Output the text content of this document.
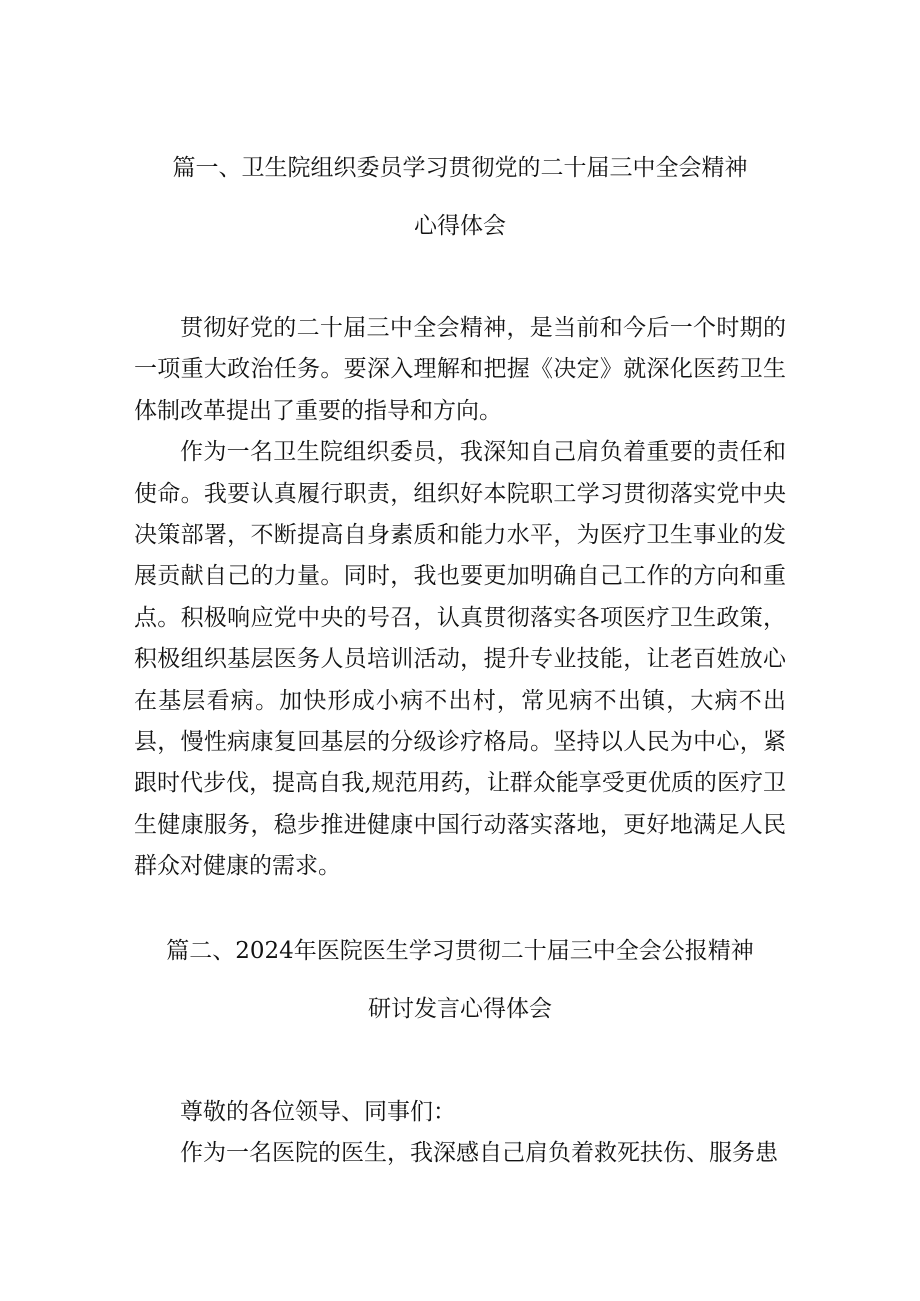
篇一、卫生院组织委员学习贯彻党的二十届三中全会精神
心得体会

贯彻好党的二十届三中全会精神，是当前和今后一个时期的一项重大政治任务。要深入理解和把握《决定》就深化医药卫生体制改革提出了重要的指导和方向。

作为一名卫生院组织委员，我深知自己肩负着重要的责任和使命。我要认真履行职责，组织好本院职工学习贯彻落实党中央决策部署，不断提高自身素质和能力水平，为医疗卫生事业的发展贡献自己的力量。同时，我也要更加明确自己工作的方向和重点。积极响应党中央的号召，认真贯彻落实各项医疗卫生政策，积极组织基层医务人员培训活动，提升专业技能，让老百姓放心在基层看病。加快形成小病不出村，常见病不出镇，大病不出县，慢性病康复回基层的分级诊疗格局。坚持以人民为中心，紧跟时代步伐，提高自我,规范用药，让群众能享受更优质的医疗卫生健康服务，稳步推进健康中国行动落实落地，更好地满足人民群众对健康的需求。

篇二、2024年医院医生学习贯彻二十届三中全会公报精神
研讨发言心得体会

尊敬的各位领导、同事们：

作为一名医院的医生，我深感自己肩负着救死扶伤、服务患
